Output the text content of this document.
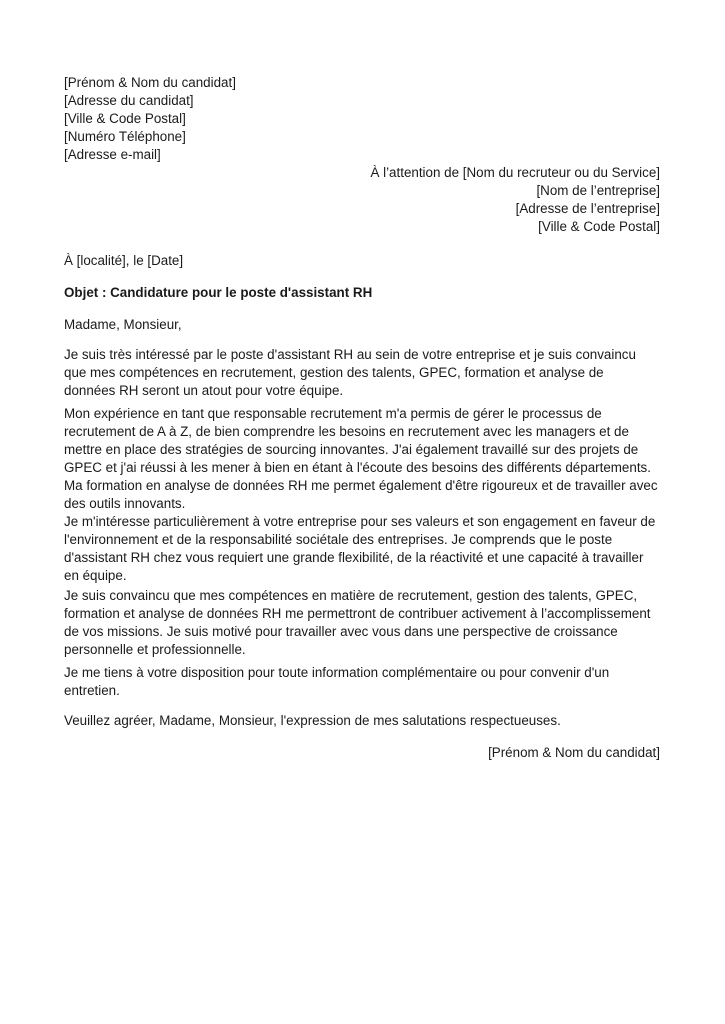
[Prénom & Nom du candidat]
[Adresse du candidat]
[Ville & Code Postal]
[Numéro Téléphone]
[Adresse e-mail]
À l’attention de [Nom du recruteur ou du Service]
[Nom de l’entreprise]
[Adresse de l’entreprise]
[Ville & Code Postal]
À [localité], le [Date]
Objet : Candidature pour le poste d'assistant RH
Madame, Monsieur,
Je suis très intéressé par le poste d'assistant RH au sein de votre entreprise et je suis convaincu
que mes compétences en recrutement, gestion des talents, GPEC, formation et analyse de
données RH seront un atout pour votre équipe.
Mon expérience en tant que responsable recrutement m'a permis de gérer le processus de
recrutement de A à Z, de bien comprendre les besoins en recrutement avec les managers et de
mettre en place des stratégies de sourcing innovantes. J'ai également travaillé sur des projets de
GPEC et j'ai réussi à les mener à bien en étant à l'écoute des besoins des différents départements.
Ma formation en analyse de données RH me permet également d'être rigoureux et de travailler avec
des outils innovants.
Je m'intéresse particulièrement à votre entreprise pour ses valeurs et son engagement en faveur de
l'environnement et de la responsabilité sociétale des entreprises. Je comprends que le poste
d'assistant RH chez vous requiert une grande flexibilité, de la réactivité et une capacité à travailler
en équipe.
Je suis convaincu que mes compétences en matière de recrutement, gestion des talents, GPEC,
formation et analyse de données RH me permettront de contribuer activement à l’accomplissement
de vos missions. Je suis motivé pour travailler avec vous dans une perspective de croissance
personnelle et professionnelle.
Je me tiens à votre disposition pour toute information complémentaire ou pour convenir d'un
entretien.
Veuillez agréer, Madame, Monsieur, l'expression de mes salutations respectueuses.
[Prénom & Nom du candidat]
